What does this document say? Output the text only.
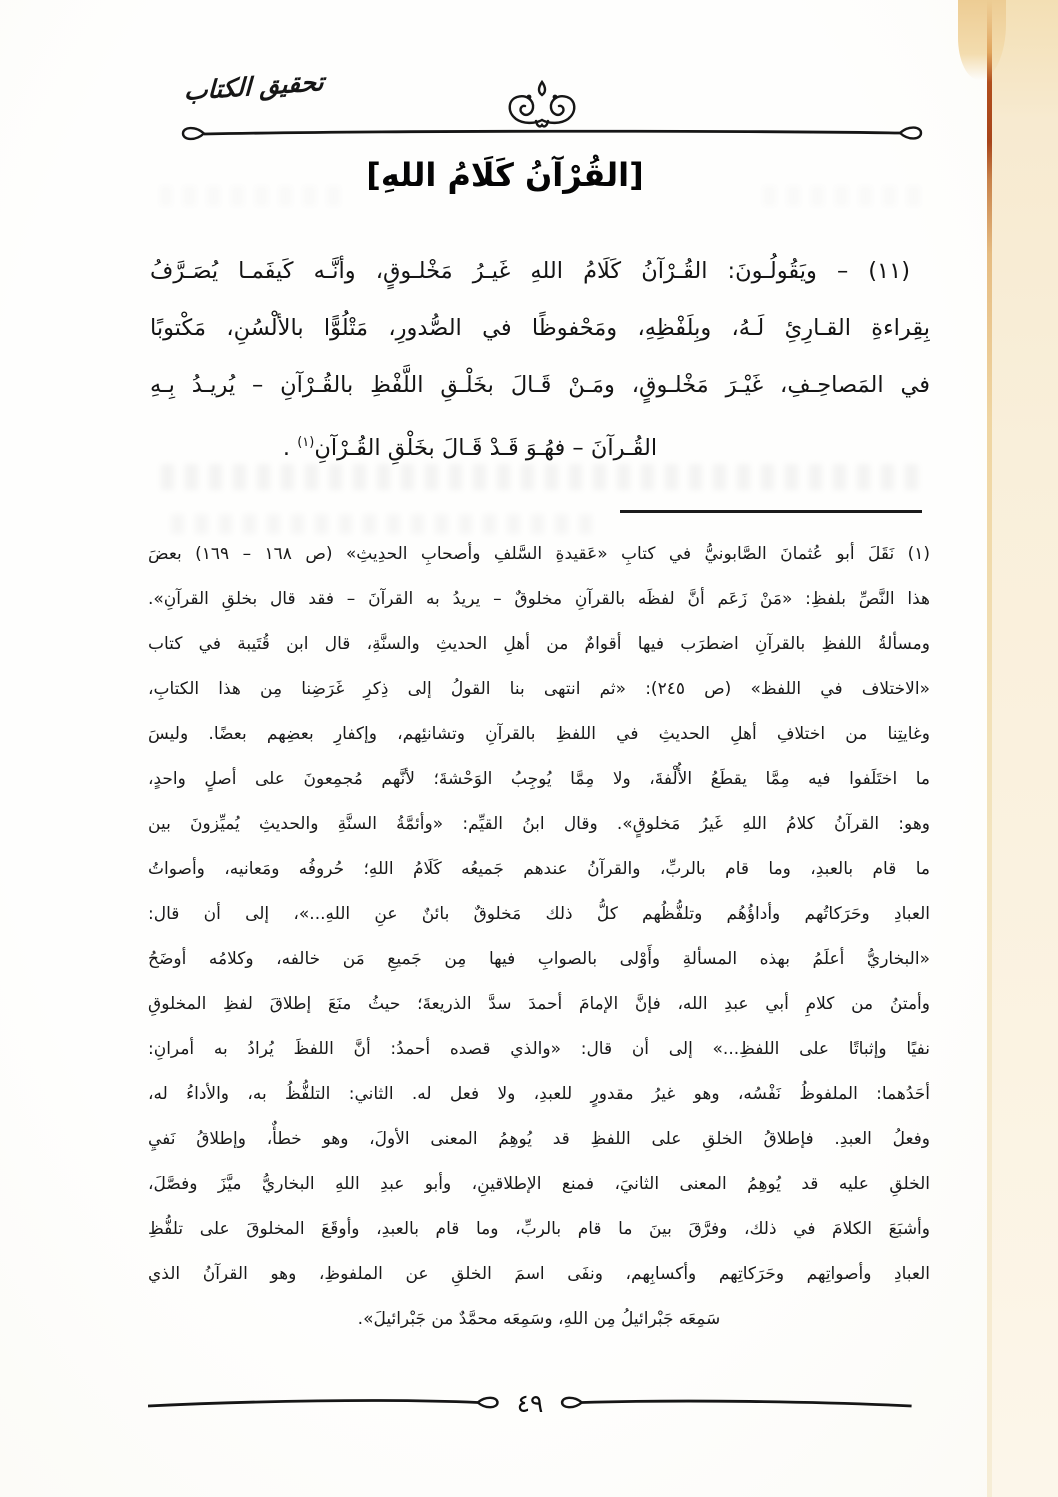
تحقيق الكتاب
[القُرْآنُ كَلَامُ اللهِ]
(١١) – ويَقُولُـونَ: القُـرْآنُ كَلَامُ اللهِ غَيـرُ مَخْلـوقٍ، وأنَّـه كَيفَمـا يُصَـرَّفُ
بِقِراءةِ القـارِئِ لَـهُ، وبِلَفْظِهِ، ومَحْفوظًا في الصُّدورِ، مَتْلُوًّا بالألْسُنِ، مَكْتوبًا
في المَصاحِـفِ، غَيْـرَ مَخْلـوقٍ، ومَـنْ قَـالَ بخَلْـقِ اللَّفْظِ بالقُـرْآنِ – يُريـدُ بِـهِ
القُـرآنَ – فهُـوَ قَـدْ قَـالَ بخَلْقِ القُـرْآنِ$^{(١)}$ .
(١) نَقَلَ أبو عُثمانَ الصَّابونيُّ في كتابِ «عَقيدةِ السَّلفِ وأصحابِ الحدِيثِ» (ص ١٦٨ – ١٦٩) بعضَ
هذا النَّصِّ بلفظِ: «مَنْ زَعَم أنَّ لفظَه بالقرآنِ مخلوقٌ – يريدُ به القرآنَ – فقد قال بخلقِ القرآنِ».
ومسألةُ اللفظِ بالقرآنِ اضطرَب فيها أقوامٌ من أهلِ الحديثِ والسنَّةِ، قال ابن قُتَيبة في كتاب
«الاختلاف في اللفظ» (ص ٢٤٥): «ثم انتهى بنا القولُ إلى ذِكرِ غَرَضِنا مِن هذا الكتابِ،
وغايتِنا من اختلافِ أهلِ الحديثِ في اللفظِ بالقرآنِ وتشانئِهم، وإكفارِ بعضِهم بعضًا. وليسَ
ما اختَلَفوا فيه مِمَّا يقطَعُ الأُلْفةَ، ولا مِمَّا يُوجِبُ الوَحْشةَ؛ لأنَّهم مُجمِعونَ على أصلٍ واحدٍ،
وهو: القرآنُ كلامُ اللهِ غَيرُ مَخلوقٍ». وقال ابنُ القيِّم: «وأئمَّةُ السنَّةِ والحديثِ يُميِّزونَ بين
ما قام بالعبدِ، وما قام بالربِّ، والقرآنُ عندهم جَميعُه كَلَامُ اللهِ؛ حُروفُه ومَعانيه، وأصواتُ
العبادِ وحَرَكاتُهم وأداؤُهُم وتلفُّظُهم كلُّ ذلك مَخلوقٌ بائنٌ عنِ اللهِ...»، إلى أن قال:
«البخاريُّ أعلَمُ بهذه المسألةِ وأَوْلى بالصوابِ فيها مِن جَميعِ مَن خالفه، وكلامُه أوضَحُ
وأمتنُ من كلامِ أبي عبدِ الله، فإنَّ الإمامَ أحمدَ سدَّ الذريعةَ؛ حيثُ منَعَ إطلاقَ لفظِ المخلوقِ
نفيًا وإثباتًا على اللفظِ...» إلى أن قال: «والذي قصده أحمدُ: أنَّ اللفظَ يُرادُ به أمرانِ:
أحَدُهما: الملفوظُ نَفْسُه، وهو غيرُ مقدورٍ للعبدِ، ولا فعل له. الثاني: التلفُّظُ به، والأداءُ له،
وفعلُ العبدِ. فإطلاقُ الخلقِ على اللفظِ قد يُوهِمُ المعنى الأولَ، وهو خطأٌ، وإطلاقُ نَفيِ
الخلقِ عليه قد يُوهِمُ المعنى الثانيَ، فمنع الإطلاقينِ، وأبو عبدِ اللهِ البخاريُّ ميَّزَ وفصَّلَ،
وأشبَعَ الكلامَ في ذلك، وفرَّقَ بينَ ما قام بالربِّ، وما قام بالعبدِ، وأوقَعَ المخلوقَ على تلفُّظِ
العبادِ وأصواتِهم وحَرَكاتِهم وأكسابِهم، ونفَى اسمَ الخلقِ عن الملفوظِ، وهو القرآنُ الذي
سَمِعَه جَبْرائيلُ مِن اللهِ، وسَمِعَه محمَّدٌ من جَبْرائيلَ».
٤٩
